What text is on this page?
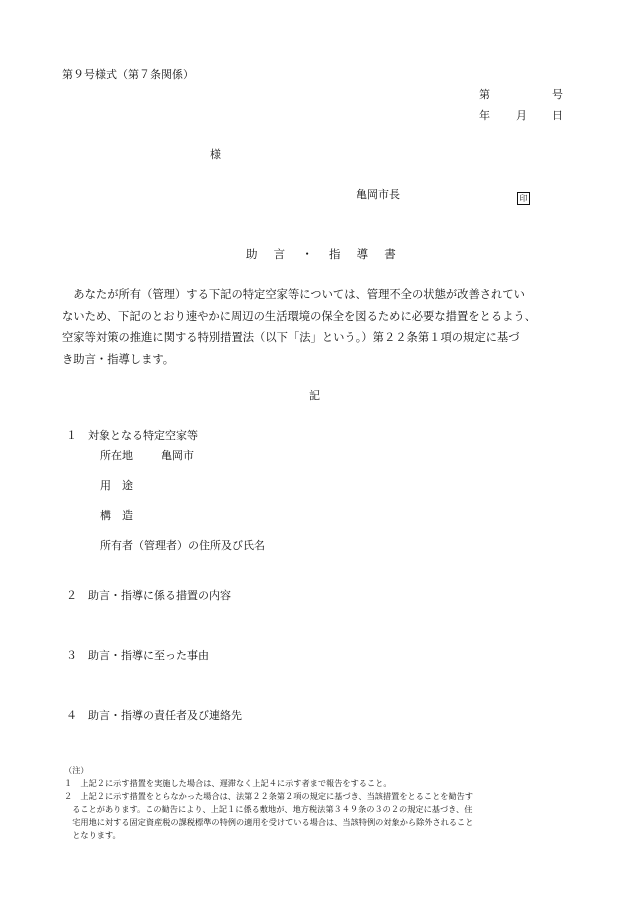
第９号様式（第７条関係）
第	号
年 月 日
様
亀岡市長	印
助 言 ・ 指 導 書

　あなたが所有（管理）する下記の特定空家等については、管理不全の状態が改善されてい

ないため、下記のとおり速やかに周辺の生活環境の保全を図るために必要な措置をとるよう、

空家等対策の推進に関する特別措置法（以下「法」という。）第２２条第１項の規定に基づ

き助言・指導します。

記
１　対象となる特定空家等
所在地	亀岡市
用　途
構　造
所有者（管理者）の住所及び氏名
２　助言・指導に係る措置の内容
３　助言・指導に至った事由
４　助言・指導の責任者及び連絡先
（注）
１　上記２に示す措置を実施した場合は、遅滞なく上記４に示す者まで報告をすること。
２　上記２に示す措置をとらなかった場合は、法第２２条第２項の規定に基づき、当該措置をとることを勧告す
　ることがあります。この勧告により、上記１に係る敷地が、地方税法第３４９条の３の２の規定に基づき、住
　宅用地に対する固定資産税の課税標準の特例の適用を受けている場合は、当該特例の対象から除外されること
　となります。
